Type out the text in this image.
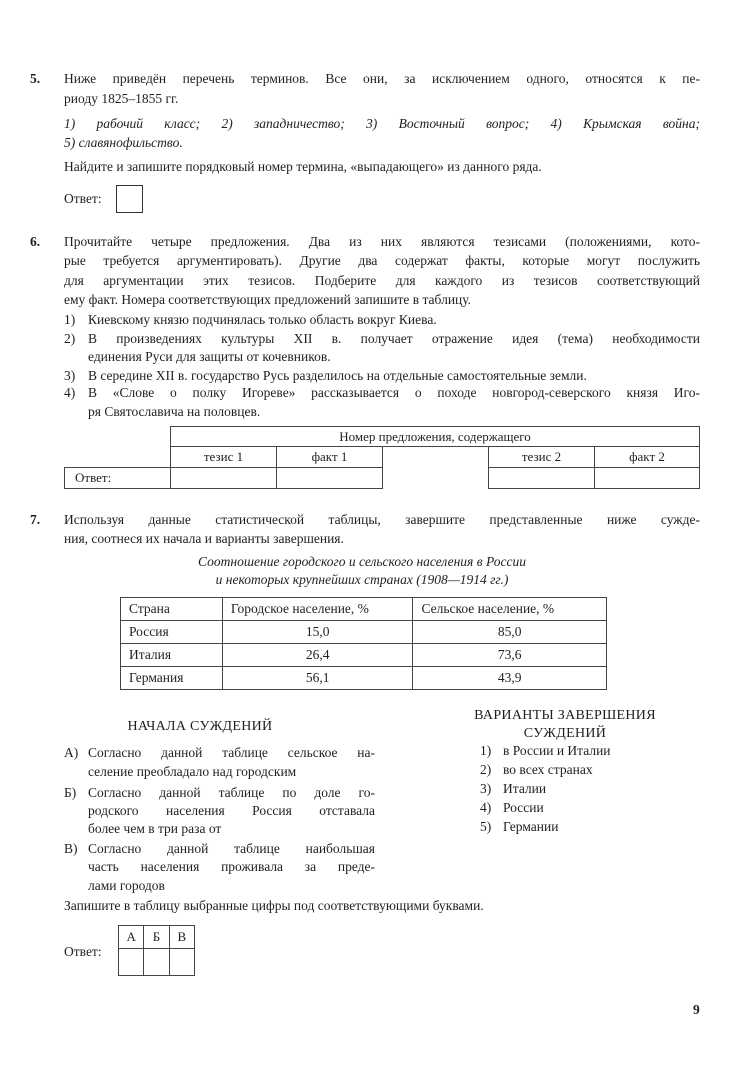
5. Ниже приведён перечень терминов. Все они, за исключением одного, относятся к пе-
риоду 1825–1855 гг.
1) рабочий класс; 2) западничество; 3) Восточный вопрос; 4) Крымская война;
5) славянофильство.
Найдите и запишите порядковый номер термина, «выпадающего» из данного ряда.
Ответ:
6. Прочитайте четыре предложения. Два из них являются тезисами (положениями, кото-
рые требуется аргументировать). Другие два содержат факты, которые могут послужить
для аргументации этих тезисов. Подберите для каждого из тезисов соответствующий
ему факт. Номера соответствующих предложений запишите в таблицу.
1) Киевскому князю подчинялась только область вокруг Киева.
2) В произведениях культуры XII в. получает отражение идея (тема) необходимости
единения Руси для защиты от кочевников.
3) В середине XII в. государство Русь разделилось на отдельные самостоятельные земли.
4) В «Слове о полку Игореве» рассказывается о походе новгород-северского князя Иго-
ря Святославича на половцев.
Номер предложения, содержащего
тезис 1	факт 1	тезис 2	факт 2
Ответ:
7. Используя данные статистической таблицы, завершите представленные ниже сужде-
ния, соотнеся их начала и варианты завершения.
Соотношение городского и сельского населения в России
и некоторых крупнейших странах (1908—1914 гг.)
Страна	Городское население, %	Сельское население, %
Россия	15,0	85,0
Италия	26,4	73,6
Германия	56,1	43,9
НАЧАЛА СУЖДЕНИЙ
ВАРИАНТЫ ЗАВЕРШЕНИЯ
СУЖДЕНИЙ
А) Согласно данной таблице сельское на-
селение преобладало над городским
Б) Согласно данной таблице по доле го-
родского населения Россия отставала
более чем в три раза от
В) Согласно данной таблице наибольшая
часть населения проживала за преде-
лами городов
1) в России и Италии
2) во всех странах
3) Италии
4) России
5) Германии
Запишите в таблицу выбранные цифры под соответствующими буквами.
Ответ:
А	Б	В

9
